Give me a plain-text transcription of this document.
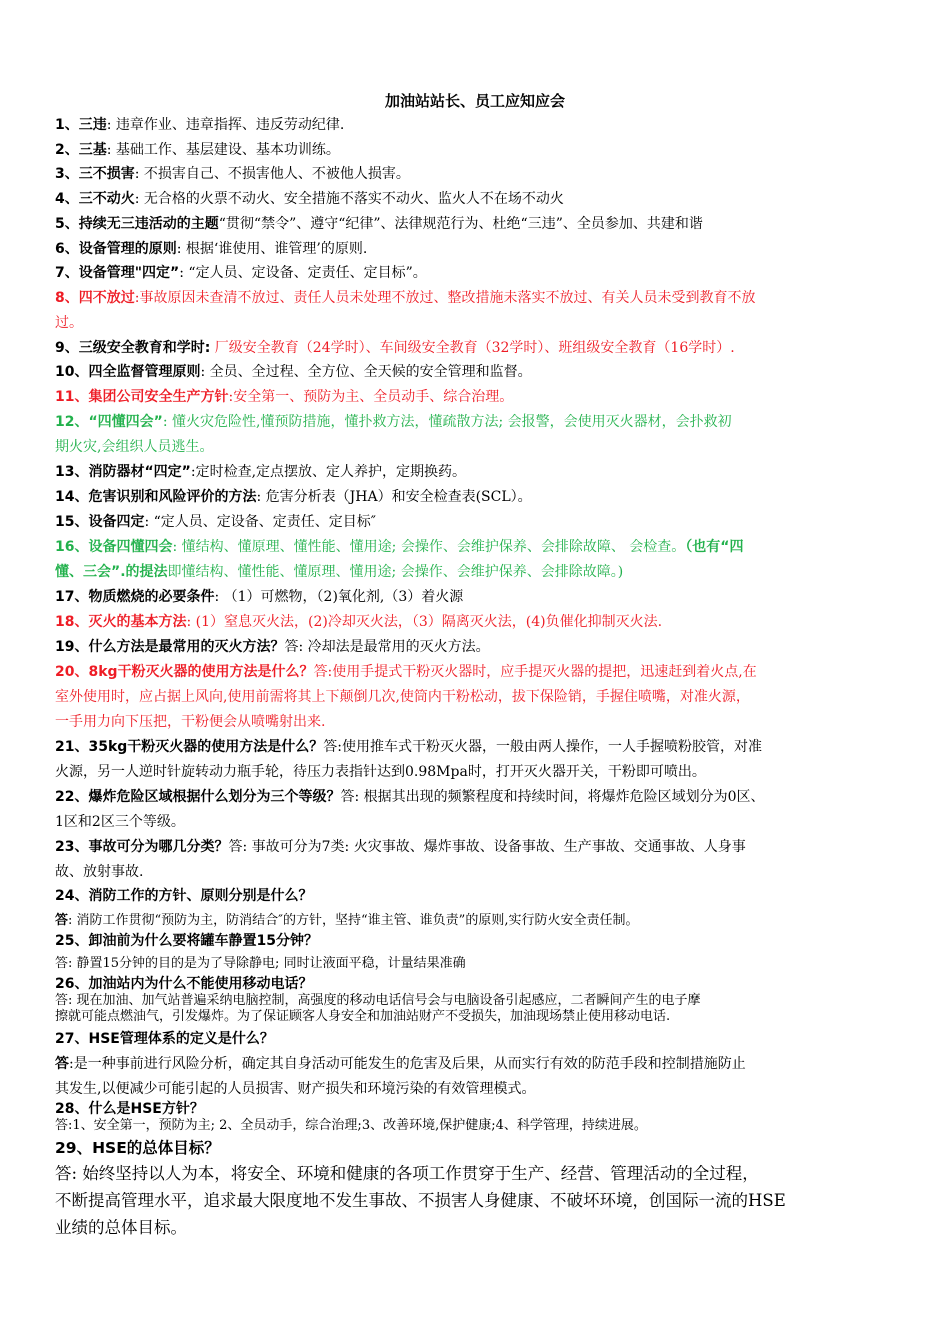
加油站站长、员工应知应会
1、三违: 违章作业、违章指挥、违反劳动纪律.
2、三基: 基础工作、基层建设、基本功训练。
3、三不损害: 不损害自己、不损害他人、不被他人损害。
4、三不动火: 无合格的火票不动火、安全措施不落实不动火、监火人不在场不动火
5、持续无三违活动的主题“贯彻“禁令”、遵守“纪律”、法律规范行为、杜绝“三违”、全员参加、共建和谐
6、设备管理的原则: 根据‘谁使用、谁管理’的原则.
7、设备管理"四定”: “定人员、定设备、定责任、定目标”。
8、四不放过:事故原因未查清不放过、责任人员未处理不放过、整改措施未落实不放过、有关人员未受到教育不放
过。
9、三级安全教育和学时: 厂级安全教育（24学时）、车间级安全教育（32学时）、班组级安全教育（16学时）.
10、四全监督管理原则: 全员、全过程、全方位、全天候的安全管理和监督。
11、集团公司安全生产方针:安全第一、预防为主、全员动手、综合治理。
12、“四懂四会”: 懂火灾危险性,懂预防措施，懂扑救方法，懂疏散方法; 会报警，会使用灭火器材，会扑救初
期火灾,会组织人员逃生。
13、消防器材“四定”:定时检查,定点摆放、定人养护，定期换药。
14、危害识别和风险评价的方法: 危害分析表（JHA）和安全检查表(SCL）。
15、设备四定: “定人员、定设备、定责任、定目标″
16、设备四懂四会: 懂结构、懂原理、懂性能、懂用途; 会操作、会维护保养、会排除故障、 会检查。（也有“四
懂、三会”.的提法即懂结构、懂性能、懂原理、懂用途; 会操作、会维护保养、会排除故障。)
17、物质燃烧的必要条件: （1）可燃物，（2)氧化剂,（3）着火源
18、灭火的基本方法: (1）窒息灭火法，(2)冷却灭火法，（3）隔离灭火法，(4)负催化抑制灭火法.
19、什么方法是最常用的灭火方法？答: 冷却法是最常用的灭火方法。
20、8kg干粉灭火器的使用方法是什么？答:使用手提式干粉灭火器时，应手提灭火器的提把，迅速赶到着火点,在
室外使用时，应占据上风向,使用前需将其上下颠倒几次,使筒内干粉松动，拔下保险销，手握住喷嘴，对准火源，
一手用力向下压把，干粉便会从喷嘴射出来.
21、35kg干粉灭火器的使用方法是什么？答:使用推车式干粉灭火器，一般由两人操作，一人手握喷粉胶管，对准
火源，另一人逆时针旋转动力瓶手轮，待压力表指针达到0.98Mpa时，打开灭火器开关，干粉即可喷出。
22、爆炸危险区域根据什么划分为三个等级？答: 根据其出现的频繁程度和持续时间，将爆炸危险区域划分为0区、
1区和2区三个等级。
23、事故可分为哪几分类？答: 事故可分为7类: 火灾事故、爆炸事故、设备事故、生产事故、交通事故、人身事
故、放射事故.
24、消防工作的方针、原则分别是什么？
答: 消防工作贯彻“预防为主，防消结合″的方针，坚持“谁主管、谁负责”的原则,实行防火安全责任制。
25、卸油前为什么要将罐车静置15分钟？
答: 静置15分钟的目的是为了导除静电; 同时让液面平稳，计量结果准确
26、加油站内为什么不能使用移动电话？
答: 现在加油、加气站普遍采纳电脑控制，高强度的移动电话信号会与电脑设备引起感应，二者瞬间产生的电子摩
擦就可能点燃油气，引发爆炸。为了保证顾客人身安全和加油站财产不受损失，加油现场禁止使用移动电话.
27、HSE管理体系的定义是什么？
答:是一种事前进行风险分析，确定其自身活动可能发生的危害及后果，从而实行有效的防范手段和控制措施防止
其发生,以便减少可能引起的人员损害、财产损失和环境污染的有效管理模式。
28、什么是HSE方针？
答:1、安全第一，预防为主; 2、全员动手，综合治理;3、改善环境,保护健康;4、科学管理，持续进展。
29、HSE的总体目标？
答: 始终坚持以人为本，将安全、环境和健康的各项工作贯穿于生产、经营、管理活动的全过程，
不断提高管理水平，追求最大限度地不发生事故、不损害人身健康、不破坏环境，创国际一流的HSE
业绩的总体目标。
